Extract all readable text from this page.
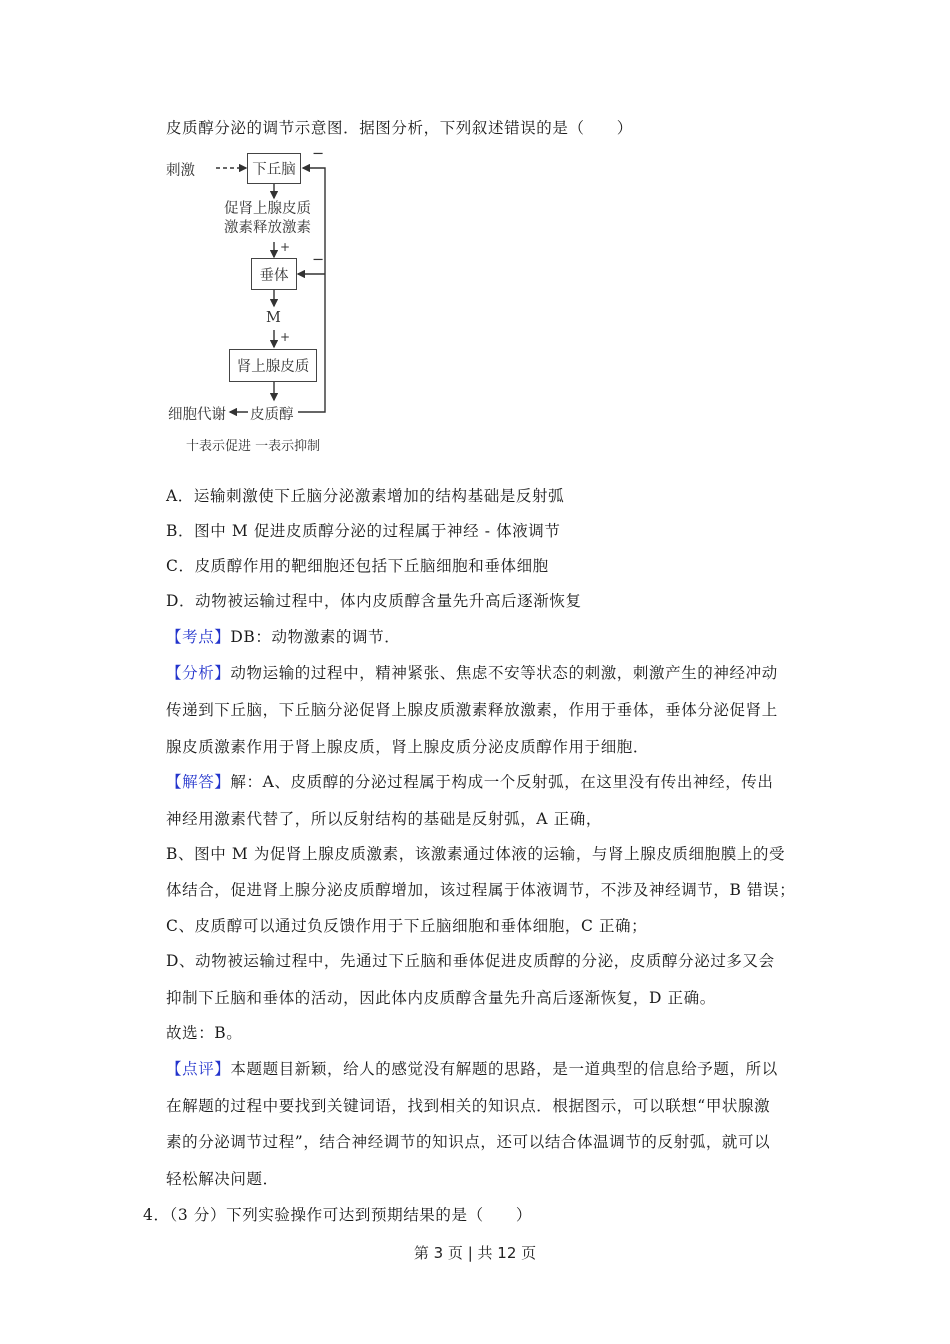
皮质醇分泌的调节示意图．据图分析，下列叙述错误的是（　　）
刺激	下丘脑
−
促肾上腺皮质
激素释放激素
+
垂体
−
M
+
肾上腺皮质
细胞代谢 皮质醇
十表示促进 一表示抑制
A．运输刺激使下丘脑分泌激素增加的结构基础是反射弧
B．图中 M 促进皮质醇分泌的过程属于神经 - 体液调节
C．皮质醇作用的靶细胞还包括下丘脑细胞和垂体细胞
D．动物被运输过程中，体内皮质醇含量先升高后逐渐恢复
【考点】DB：动物激素的调节．
【分析】动物运输的过程中，精神紧张、焦虑不安等状态的刺激，刺激产生的神经冲动
传递到下丘脑，下丘脑分泌促肾上腺皮质激素释放激素，作用于垂体，垂体分泌促肾上
腺皮质激素作用于肾上腺皮质，肾上腺皮质分泌皮质醇作用于细胞．
【解答】解：A、皮质醇的分泌过程属于构成一个反射弧，在这里没有传出神经，传出
神经用激素代替了，所以反射结构的基础是反射弧，A 正确，
B、图中 M 为促肾上腺皮质激素，该激素通过体液的运输，与肾上腺皮质细胞膜上的受
体结合，促进肾上腺分泌皮质醇增加，该过程属于体液调节，不涉及神经调节，B 错误；
C、皮质醇可以通过负反馈作用于下丘脑细胞和垂体细胞，C 正确；
D、动物被运输过程中，先通过下丘脑和垂体促进皮质醇的分泌，皮质醇分泌过多又会
抑制下丘脑和垂体的活动，因此体内皮质醇含量先升高后逐渐恢复，D 正确。
故选：B。
【点评】本题题目新颖，给人的感觉没有解题的思路，是一道典型的信息给予题，所以
在解题的过程中要找到关键词语，找到相关的知识点．根据图示，可以联想“甲状腺激
素的分泌调节过程”，结合神经调节的知识点，还可以结合体温调节的反射弧，就可以
轻松解决问题．
4．（3 分）下列实验操作可达到预期结果的是（　　）
第 3 页 | 共 12 页
